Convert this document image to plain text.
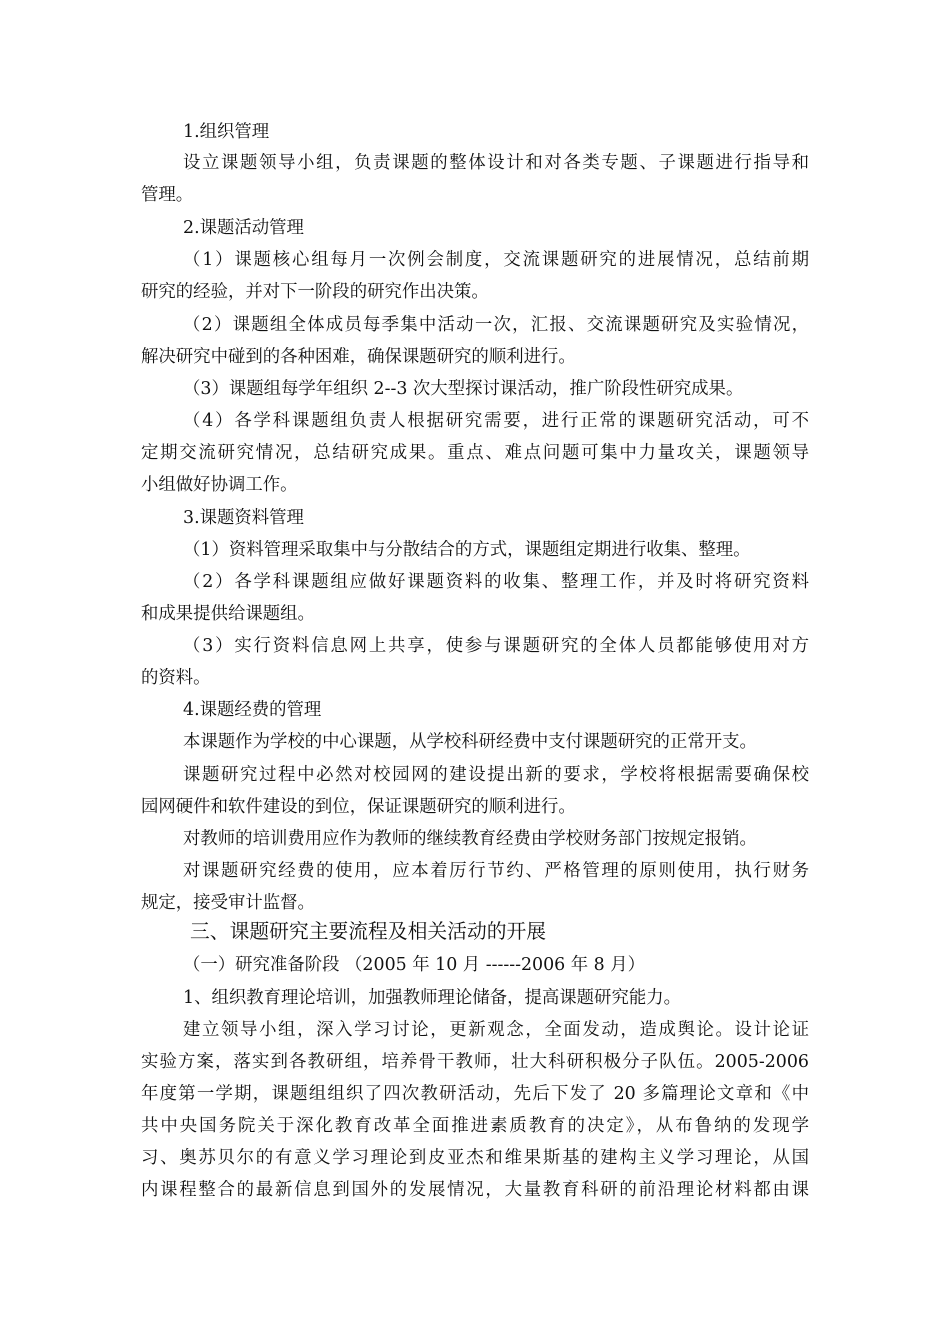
1.组织管理
设立课题领导小组，负责课题的整体设计和对各类专题、子课题进行指导和
管理。
2.课题活动管理
（1）课题核心组每月一次例会制度，交流课题研究的进展情况，总结前期
研究的经验，并对下一阶段的研究作出决策。
（2）课题组全体成员每季集中活动一次，汇报、交流课题研究及实验情况，
解决研究中碰到的各种困难，确保课题研究的顺利进行。
（3）课题组每学年组织 2--3 次大型探讨课活动，推广阶段性研究成果。
（4）各学科课题组负责人根据研究需要，进行正常的课题研究活动，可不
定期交流研究情况，总结研究成果。重点、难点问题可集中力量攻关，课题领导
小组做好协调工作。
3.课题资料管理
（1）资料管理采取集中与分散结合的方式，课题组定期进行收集、整理。
（2）各学科课题组应做好课题资料的收集、整理工作，并及时将研究资料
和成果提供给课题组。
（3）实行资料信息网上共享，使参与课题研究的全体人员都能够使用对方
的资料。
4.课题经费的管理
本课题作为学校的中心课题，从学校科研经费中支付课题研究的正常开支。
课题研究过程中必然对校园网的建设提出新的要求，学校将根据需要确保校
园网硬件和软件建设的到位，保证课题研究的顺利进行。
对教师的培训费用应作为教师的继续教育经费由学校财务部门按规定报销。
对课题研究经费的使用，应本着厉行节约、严格管理的原则使用，执行财务
规定，接受审计监督。
三、课题研究主要流程及相关活动的开展
（一）研究准备阶段 （2005 年 10 月 ------2006 年 8 月）
1、组织教育理论培训，加强教师理论储备，提高课题研究能力。
建立领导小组，深入学习讨论，更新观念，全面发动，造成舆论。设计论证
实验方案，落实到各教研组，培养骨干教师，壮大科研积极分子队伍。2005-2006
年度第一学期，课题组组织了四次教研活动，先后下发了 20 多篇理论文章和《中
共中央国务院关于深化教育改革全面推进素质教育的决定》，从布鲁纳的发现学
习、奥苏贝尔的有意义学习理论到皮亚杰和维果斯基的建构主义学习理论，从国
内课程整合的最新信息到国外的发展情况，大量教育科研的前沿理论材料都由课
